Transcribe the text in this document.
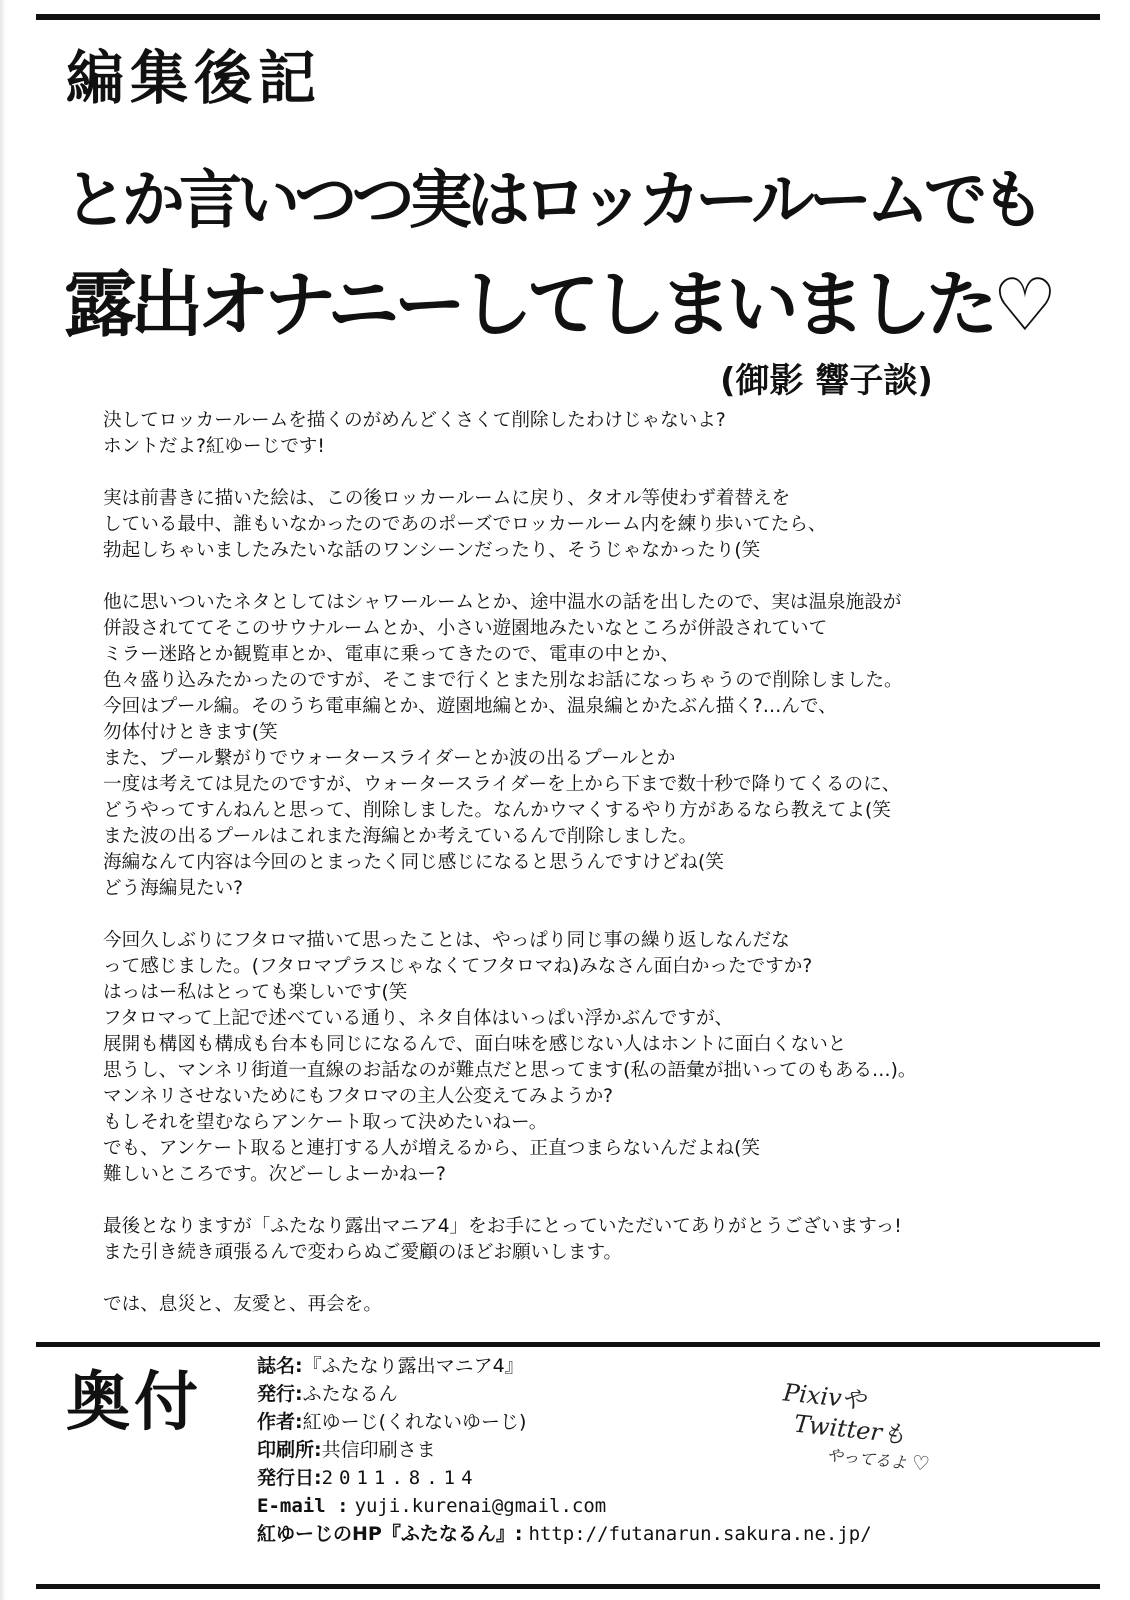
編集後記
とか言いつつ実はロッカールームでも
露出オナニーしてしまいました♡
(御影 響子談)
決してロッカールームを描くのがめんどくさくて削除したわけじゃないよ?
ホントだよ?紅ゆーじです!
実は前書きに描いた絵は、この後ロッカールームに戻り、タオル等使わず着替えを
している最中、誰もいなかったのであのポーズでロッカールーム内を練り歩いてたら、
勃起しちゃいましたみたいな話のワンシーンだったり、そうじゃなかったり(笑
他に思いついたネタとしてはシャワールームとか、途中温水の話を出したので、実は温泉施設が
併設されててそこのサウナルームとか、小さい遊園地みたいなところが併設されていて
ミラー迷路とか観覧車とか、電車に乗ってきたので、電車の中とか、
色々盛り込みたかったのですが、そこまで行くとまた別なお話になっちゃうので削除しました。
今回はプール編。そのうち電車編とか、遊園地編とか、温泉編とかたぶん描く?…んで、
勿体付けときます(笑
また、プール繋がりでウォータースライダーとか波の出るプールとか
一度は考えては見たのですが、ウォータースライダーを上から下まで数十秒で降りてくるのに、
どうやってすんねんと思って、削除しました。なんかウマくするやり方があるなら教えてよ(笑
また波の出るプールはこれまた海編とか考えているんで削除しました。
海編なんて内容は今回のとまったく同じ感じになると思うんですけどね(笑
どう海編見たい?
今回久しぶりにフタロマ描いて思ったことは、やっぱり同じ事の繰り返しなんだな
って感じました。(フタロマプラスじゃなくてフタロマね)みなさん面白かったですか?
はっはー私はとっても楽しいです(笑
フタロマって上記で述べている通り、ネタ自体はいっぱい浮かぶんですが、
展開も構図も構成も台本も同じになるんで、面白味を感じない人はホントに面白くないと
思うし、マンネリ街道一直線のお話なのが難点だと思ってます(私の語彙が拙いってのもある…)。
マンネリさせないためにもフタロマの主人公変えてみようか?
もしそれを望むならアンケート取って決めたいねー。
でも、アンケート取ると連打する人が増えるから、正直つまらないんだよね(笑
難しいところです。次どーしよーかねー?
最後となりますが「ふたなり露出マニア4」をお手にとっていただいてありがとうございますっ!
また引き続き頑張るんで変わらぬご愛顧のほどお願いします。
では、息災と、友愛と、再会を。
奥付	誌名:『ふたなり露出マニア4』
発行:ふたなるん
作者:紅ゆーじ(くれないゆーじ)
印刷所:共信印刷さま
発行日:2011.8.14
E-mail : yuji.kurenai@gmail.com
紅ゆーじのHP『ふたなるん』: http://futanarun.sakura.ne.jp/
Pixivや
Twitterも
やってるよ ♡
